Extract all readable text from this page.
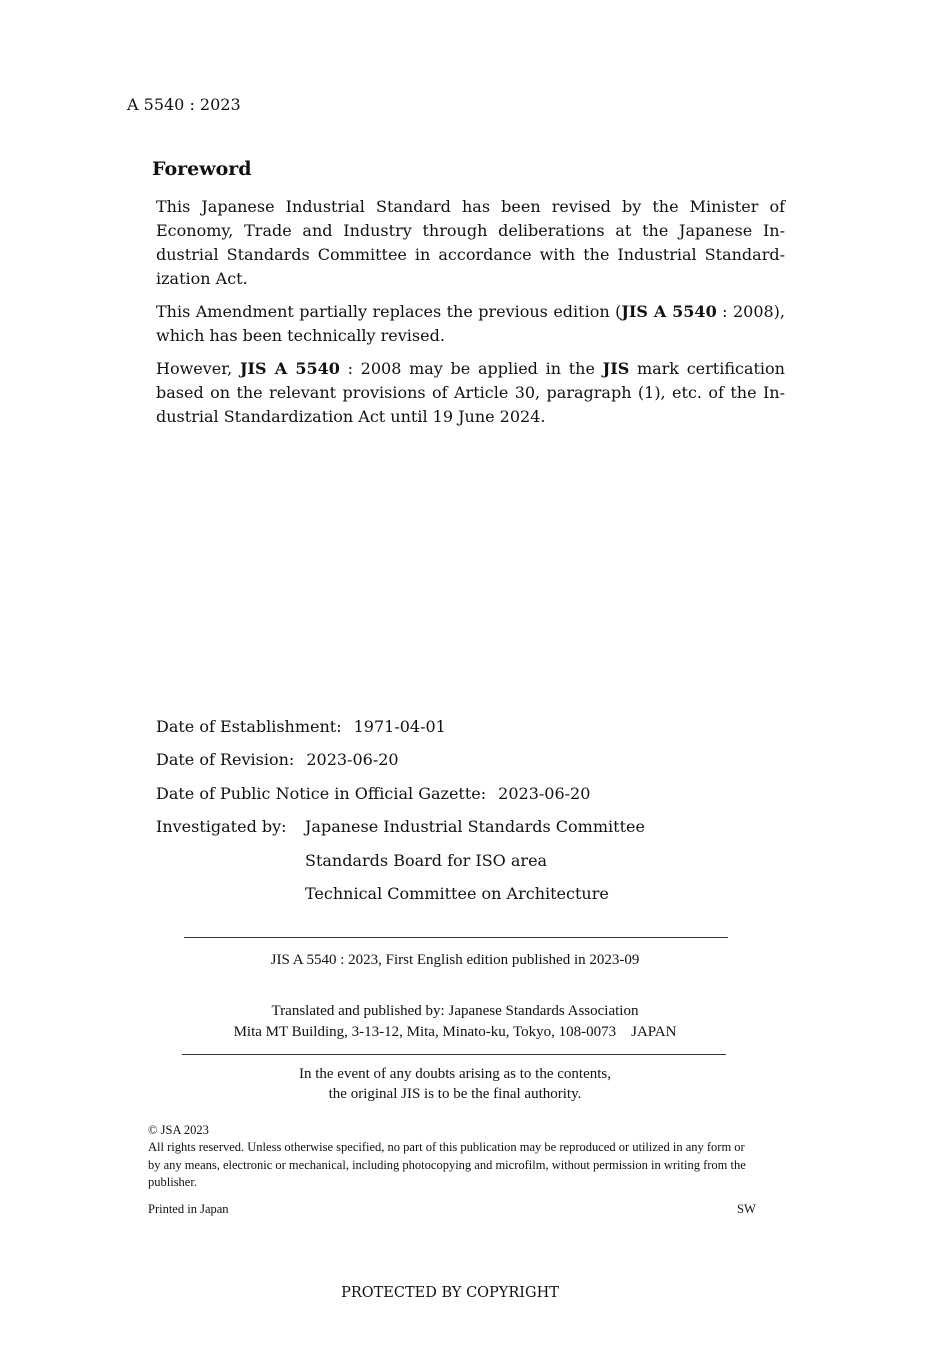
A 5540 : 2023
Foreword

This Japanese Industrial Standard has been revised by the Minister of Economy, Trade and Industry through deliberations at the Japanese Industrial Standards Committee in accordance with the Industrial Standardization Act.

This Amendment partially replaces the previous edition (JIS A 5540 : 2008), which has been technically revised.

However, JIS A 5540 : 2008 may be applied in the JIS mark certification based on the relevant provisions of Article 30, paragraph (1), etc. of the Industrial Standardization Act until 19 June 2024.

Date of Establishment: 1971-04-01
Date of Revision: 2023-06-20
Date of Public Notice in Official Gazette: 2023-06-20
Investigated by: Japanese Industrial Standards Committee
Standards Board for ISO area
Technical Committee on Architecture
JIS A 5540 : 2023, First English edition published in 2023-09
Translated and published by: Japanese Standards Association
Mita MT Building, 3-13-12, Mita, Minato-ku, Tokyo, 108-0073 JAPAN
In the event of any doubts arising as to the contents,
the original JIS is to be the final authority.
© JSA 2023

All rights reserved. Unless otherwise specified, no part of this publication may be reproduced or utilized in any form or by any means, electronic or mechanical, including photocopying and microfilm, without permission in writing from the publisher.

Printed in Japan	SW
PROTECTED BY COPYRIGHT
